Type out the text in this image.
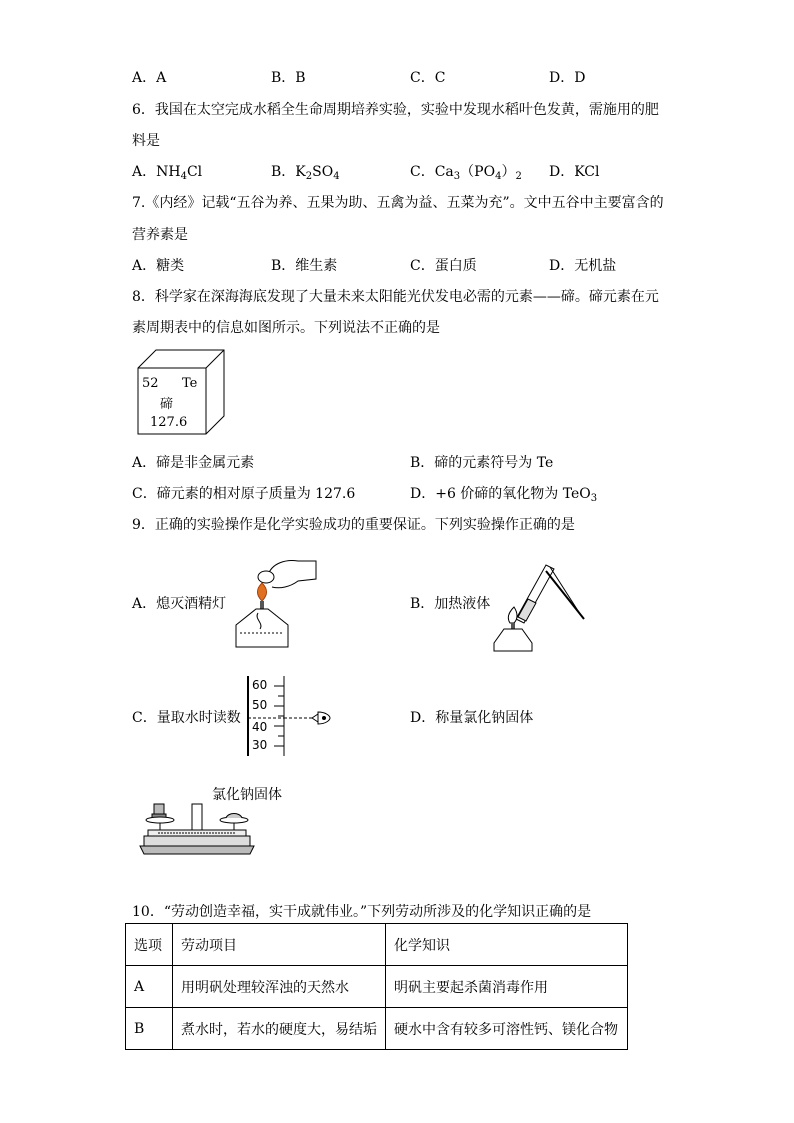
A．A	B．B	C．C	D．D
6．我国在太空完成水稻全生命周期培养实验，实验中发现水稻叶色发黄，需施用的肥
料是
A．$NH_4Cl$	B．$K_2SO_4$	C．$Ca_3(PO_4)_2$ D．KCl
7.《内经》记载“五谷为养、五果为助、五禽为益、五菜为充”。文中五谷中主要富含的
营养素是
A．糖类	B．维生素	C．蛋白质	D．无机盐
8．科学家在深海海底发现了大量未来太阳能光伏发电必需的元素——碲。碲元素在元
素周期表中的信息如图所示。下列说法不正确的是
52 Te
碲
127.6
A．碲是非金属元素	B．碲的元素符号为 Te
C．碲元素的相对原子质量为 127.6	D．+6 价碲的氧化物为 TeO$_3$
9．正确的实验操作是化学实验成功的重要保证。下列实验操作正确的是
A．熄灭酒精灯	B．加热液体
C．量取水时读数
60
50
40
30
D．称量氯化钠固体
氯化钠固体
10．“劳动创造幸福，实干成就伟业。”下列劳动所涉及的化学知识正确的是
选项	劳动项目	化学知识
A	用明矾处理较浑浊的天然水	明矾主要起杀菌消毒作用
B	煮水时，若水的硬度大，易结垢	硬水中含有较多可溶性钙、镁化合物
